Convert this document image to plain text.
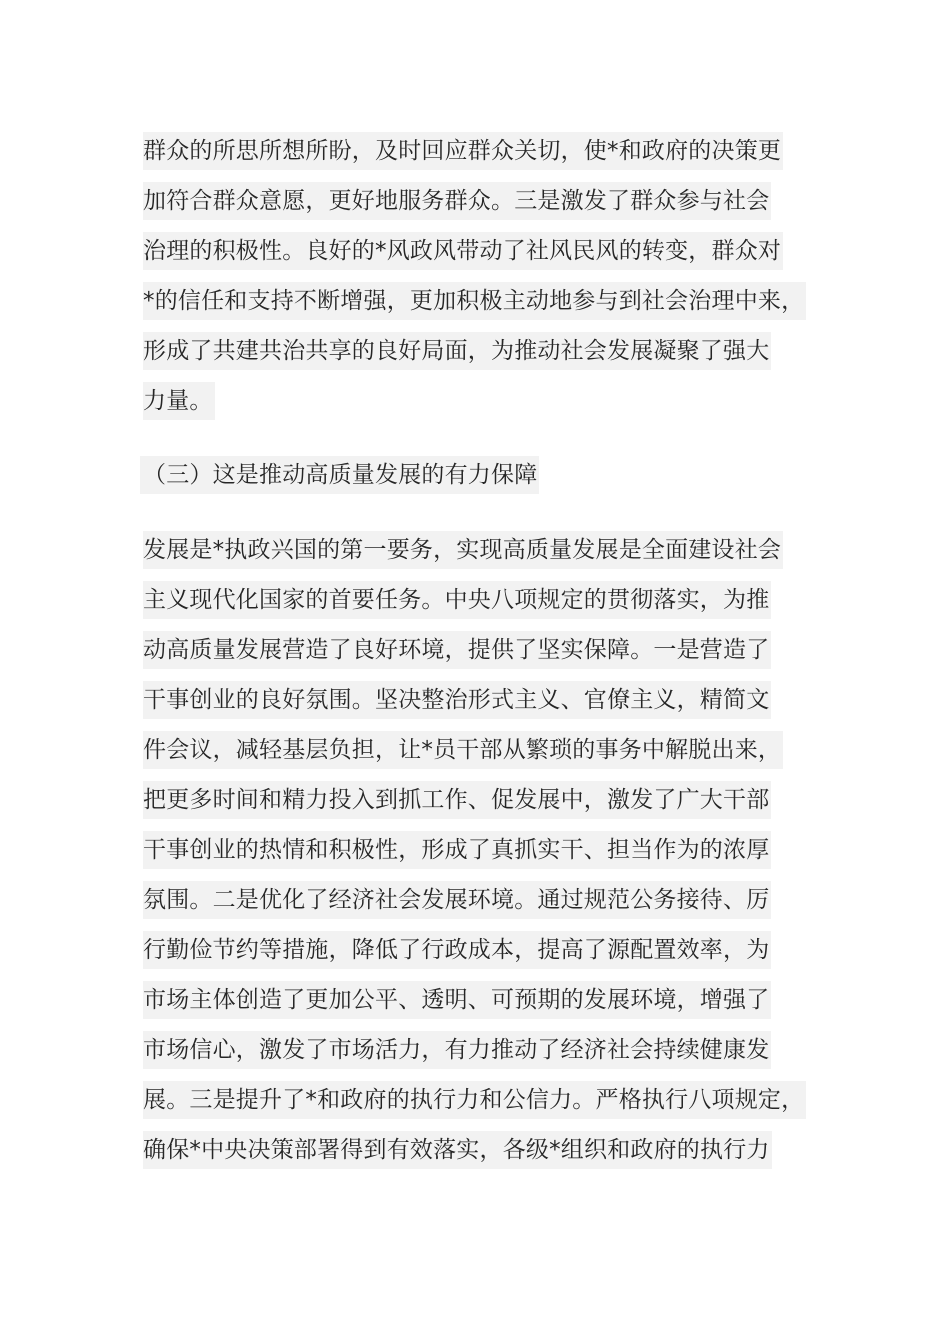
群众的所思所想所盼，及时回应群众关切，使*和政府的决策更
加符合群众意愿，更好地服务群众。三是激发了群众参与社会
治理的积极性。良好的*风政风带动了社风民风的转变，群众对
*的信任和支持不断增强，更加积极主动地参与到社会治理中来，
形成了共建共治共享的良好局面，为推动社会发展凝聚了强大
力量。
（三）这是推动高质量发展的有力保障
发展是*执政兴国的第一要务，实现高质量发展是全面建设社会
主义现代化国家的首要任务。中央八项规定的贯彻落实，为推
动高质量发展营造了良好环境，提供了坚实保障。一是营造了
干事创业的良好氛围。坚决整治形式主义、官僚主义，精简文
件会议，减轻基层负担，让*员干部从繁琐的事务中解脱出来，
把更多时间和精力投入到抓工作、促发展中，激发了广大干部
干事创业的热情和积极性，形成了真抓实干、担当作为的浓厚
氛围。二是优化了经济社会发展环境。通过规范公务接待、厉
行勤俭节约等措施，降低了行政成本，提高了源配置效率，为
市场主体创造了更加公平、透明、可预期的发展环境，增强了
市场信心，激发了市场活力，有力推动了经济社会持续健康发
展。三是提升了*和政府的执行力和公信力。严格执行八项规定，
确保*中央决策部署得到有效落实，各级*组织和政府的执行力
